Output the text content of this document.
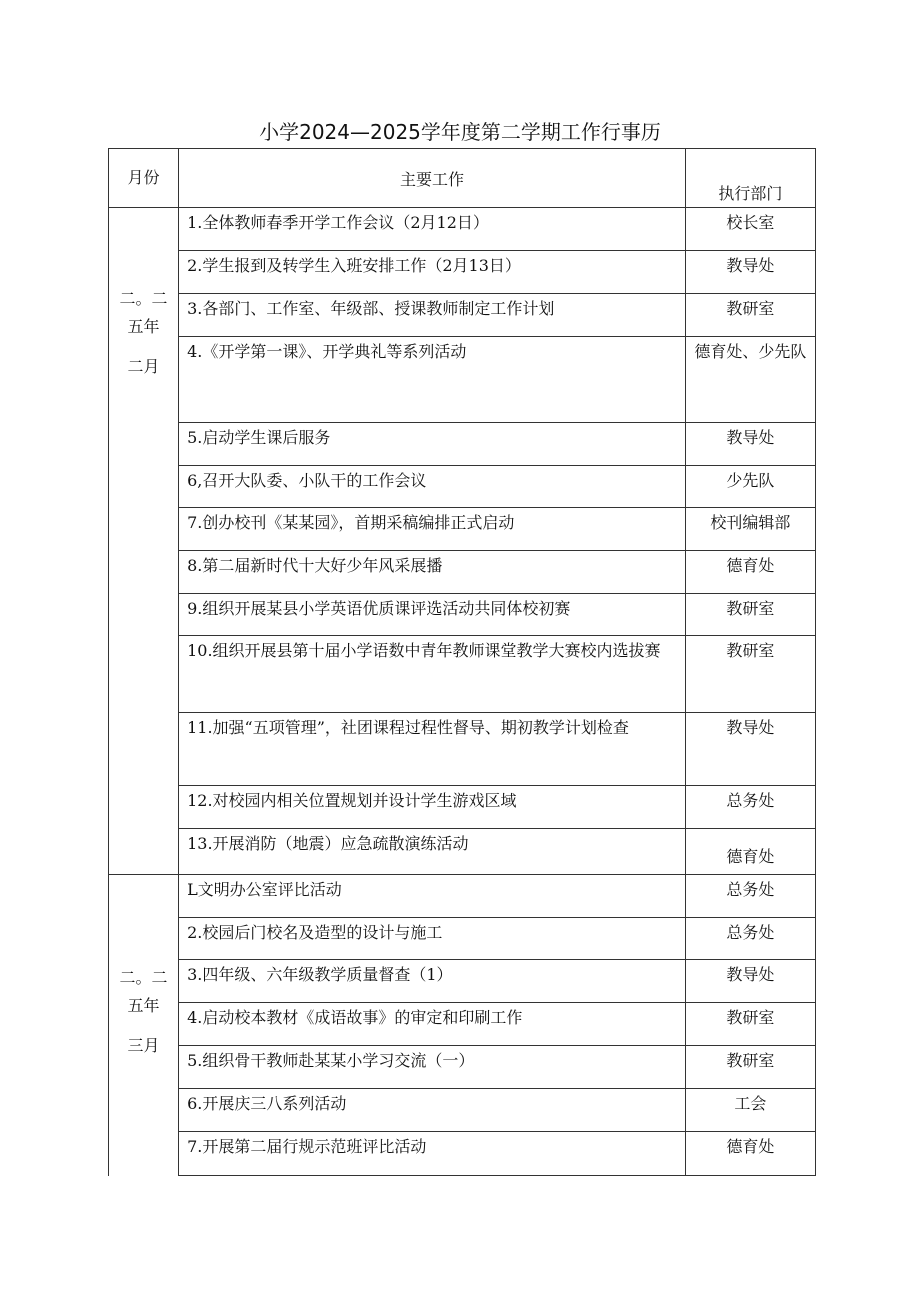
小学2024—2025学年度第二学期工作行事历
月份	主要工作	执行部门

二。二
五年
二月	1.全体教师春季开学工作会议（2月12日）	校长室
	2.学生报到及转学生入班安排工作（2月13日）	教导处
	3.各部门、工作室、年级部、授课教师制定工作计划	教研室
	4.《开学第一课》、开学典礼等系列活动	德育处、少先队
	5.启动学生课后服务	教导处
	6,召开大队委、小队干的工作会议	少先队
	7.创办校刊《某某园》，首期采稿编排正式启动	校刊编辑部
	8.第二届新时代十大好少年风采展播	德育处
	9.组织开展某县小学英语优质课评选活动共同体校初赛	教研室
	10.组织开展县第十届小学语数中青年教师课堂教学大赛校内选拔赛	教研室
	11.加强“五项管理”，社团课程过程性督导、期初教学计划检查	教导处
	12.对校园内相关位置规划并设计学生游戏区域	总务处
	13.开展消防（地震）应急疏散演练活动	德育处

二。二
五年
三月	L文明办公室评比活动	总务处
	2.校园后门校名及造型的设计与施工	总务处
	3.四年级、六年级教学质量督查（1）	教导处
	4.启动校本教材《成语故事》的审定和印刷工作	教研室
	5.组织骨干教师赴某某小学习交流（一）	教研室
	6.开展庆三八系列活动	工会
	7.开展第二届行规示范班评比活动	德育处
